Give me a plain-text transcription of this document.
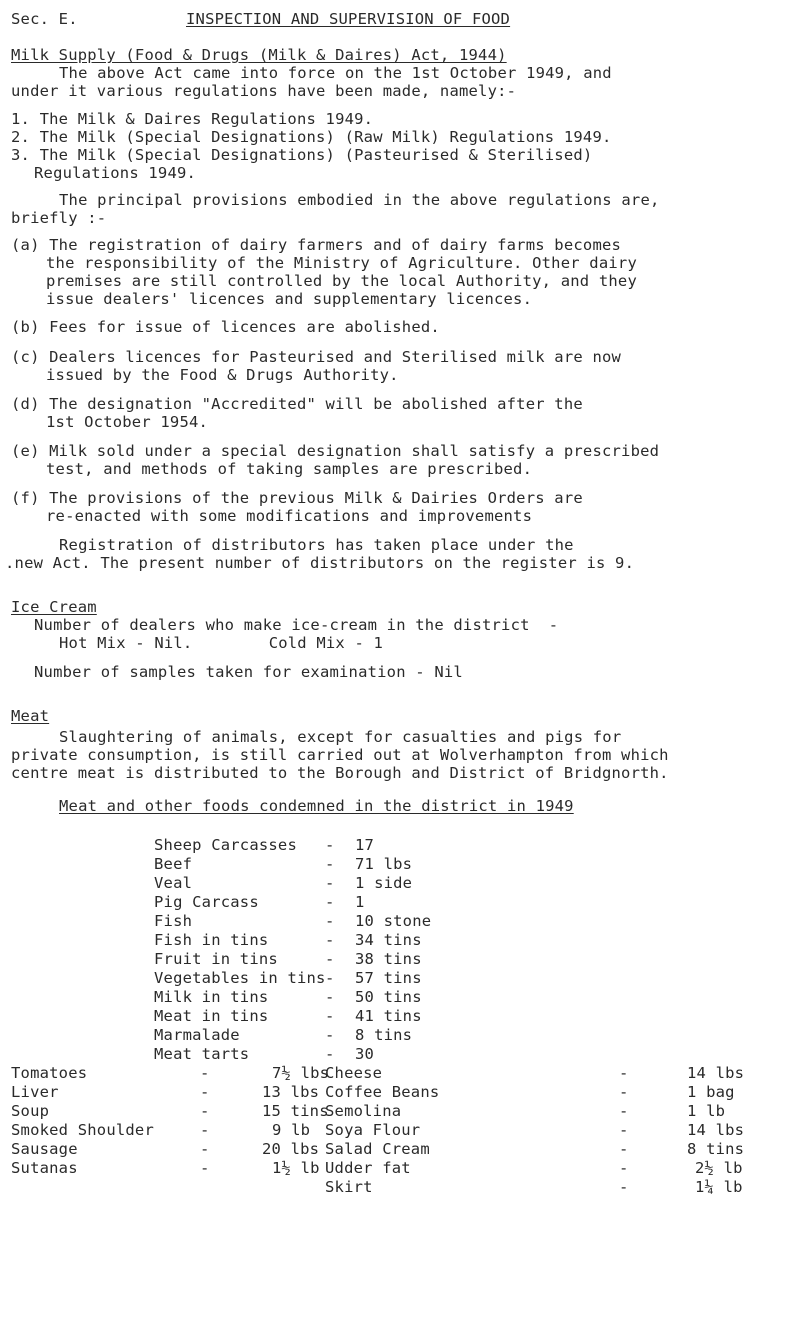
Sec. E.	INSPECTION AND SUPERVISION OF FOOD
Milk Supply (Food & Drugs (Milk & Daires) Act, 1944)
The above Act came into force on the 1st October 1949, and
under it various regulations have been made, namely:-
1. The Milk & Daires Regulations 1949.
2. The Milk (Special Designations) (Raw Milk) Regulations 1949.
3. The Milk (Special Designations) (Pasteurised & Sterilised)
Regulations 1949.
The principal provisions embodied in the above regulations are,
briefly :-
(a) The registration of dairy farmers and of dairy farms becomes
the responsibility of the Ministry of Agriculture. Other dairy
premises are still controlled by the local Authority, and they
issue dealers' licences and supplementary licences.
(b) Fees for issue of licences are abolished.
(c) Dealers licences for Pasteurised and Sterilised milk are now
issued by the Food & Drugs Authority.
(d) The designation "Accredited" will be abolished after the
1st October 1954.
(e) Milk sold under a special designation shall satisfy a prescribed
test, and methods of taking samples are prescribed.
(f) The provisions of the previous Milk & Dairies Orders are
re-enacted with some modifications and improvements
Registration of distributors has taken place under the
.new Act. The present number of distributors on the register is 9.
Ice Cream
Number of dealers who make ice-cream in the district  -
Hot Mix - Nil.        Cold Mix - 1
Number of samples taken for examination - Nil
Meat
Slaughtering of animals, except for casualties and pigs for
private consumption, is still carried out at Wolverhampton from which
centre meat is distributed to the Borough and District of Bridgnorth.
Meat and other foods condemned in the district in 1949
Sheep Carcasses - 17
Beef	- 71 lbs
Veal	- 1 side
Pig Carcass	- 1
Fish	- 10 stone
Fish in tins	- 34 tins
Fruit in tins	- 38 tins
Vegetables in tins - 57 tins
Milk in tins	- 50 tins
Meat in tins	- 41 tins
Marmalade	- 8 tins
Meat tarts	- 30
Tomatoes	-	7½ lbs
Liver	-	13 lbs
Soup	-	15 tins
Smoked Shoulder	-	9 lb
Sausage	-	20 lbs
Sutanas	-	1½ lb
Cheese	-	14 lbs
Coffee Beans	-	1 bag
Semolina	-	1 lb
Soya Flour	-	14 lbs
Salad Cream	-	8 tins
Udder fat	-	2½ lb
Skirt	-	1¼ lb
